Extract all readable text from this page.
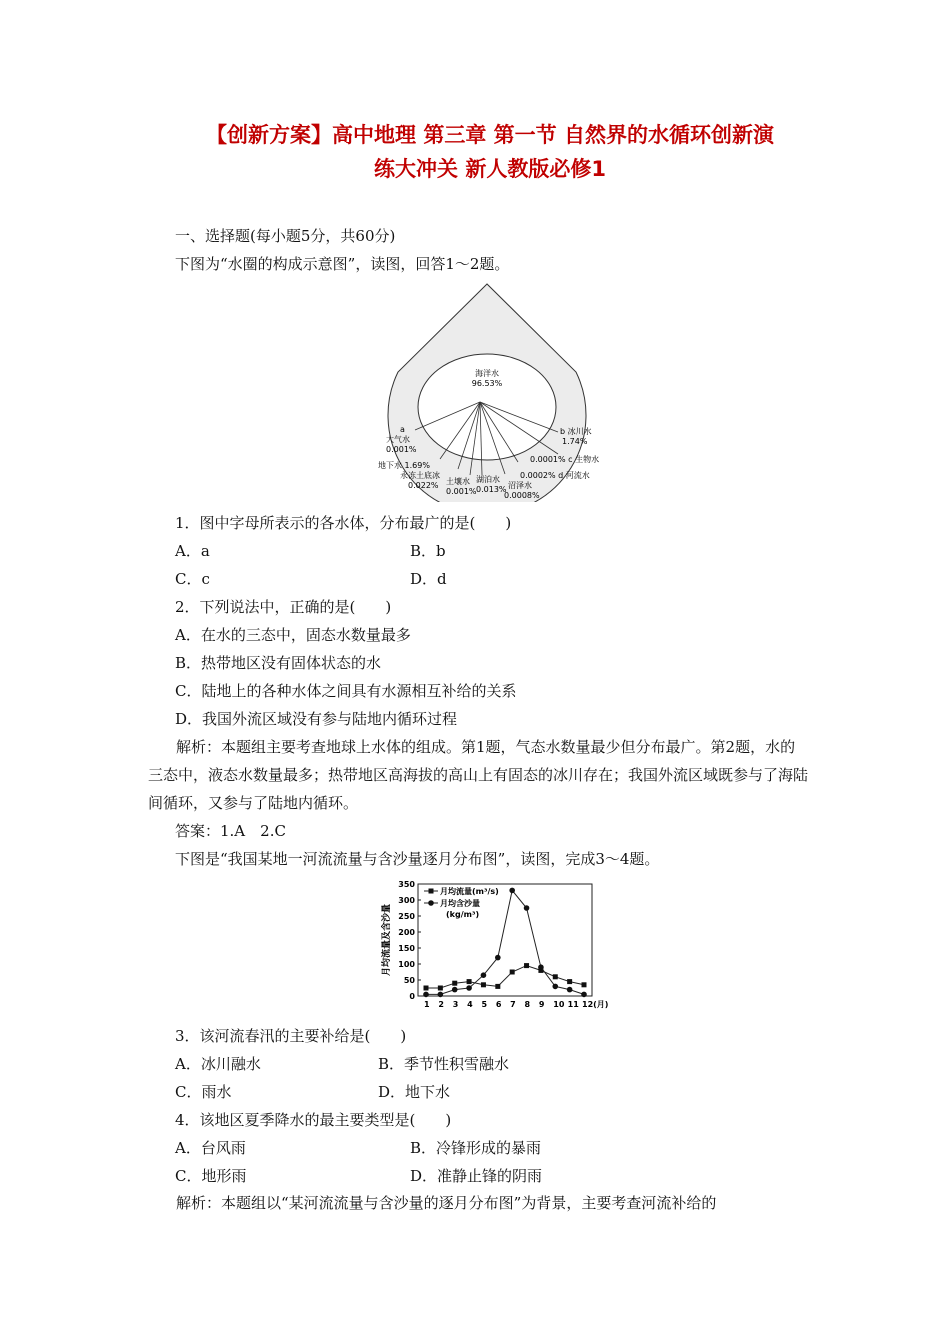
【创新方案】高中地理 第三章 第一节 自然界的水循环创新演
练大冲关 新人教版必修1
一、选择题(每小题5分，共60分)
下图为“水圈的构成示意图”，读图，回答1～2题。
海洋水
96.53%
a
大气水
0.001%
b 冰川水
1.74%
地下水 1.69%
永冻土底冰
0.022% 土壤水
0.001%
湖泊水
0.013% 沼泽水
0.0008%
0.0001% c 生物水
0.0002% d 河流水
1．图中字母所表示的各水体，分布最广的是(　　)
A．a	B．b
C．c	D．d
2．下列说法中，正确的是(　　)
A．在水的三态中，固态水数量最多
B．热带地区没有固体状态的水
C．陆地上的各种水体之间具有水源相互补给的关系
D．我国外流区域没有参与陆地内循环过程
解析：本题组主要考查地球上水体的组成。第1题，气态水数量最少但分布最广。第2题，水的三态中，液态水数量最多；热带地区高海拔的高山上有固态的冰川存在；我国外流区域既参与了海陆间循环，又参与了陆地内循环。
答案：1.A　2.C
下图是“我国某地一河流流量与含沙量逐月分布图”，读图，完成3～4题。
0
50
100
150
200
250
300
350
1 2 3 4 5 6 7 8 9 10 11 12(月)
月均流量及含沙量
月均流量(m³/s)
月均含沙量
(kg/m³)
3．该河流春汛的主要补给是(　　)
A．冰川融水	B．季节性积雪融水
C．雨水	D．地下水
4．该地区夏季降水的最主要类型是(　　)
A．台风雨	B．冷锋形成的暴雨
C．地形雨	D．准静止锋的阴雨
解析：本题组以“某河流流量与含沙量的逐月分布图”为背景，主要考查河流补给的
